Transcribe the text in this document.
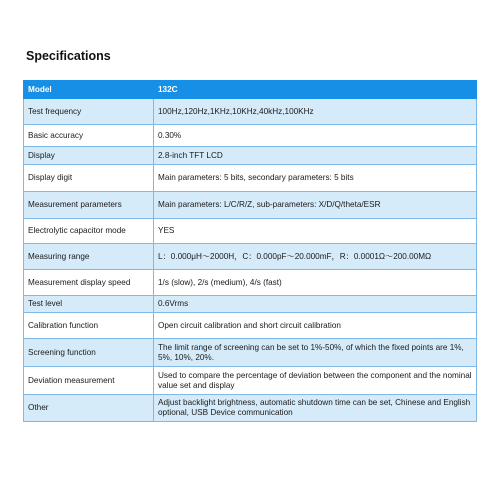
Specifications
Model	132C
Test frequency	100Hz,120Hz,1KHz,10KHz,40kHz,100KHz
Basic accuracy	0.30%
Display	2.8-inch TFT LCD
Display digit	Main parameters: 5 bits, secondary parameters: 5 bits
Measurement parameters	Main parameters: L/C/R/Z, sub-parameters: X/D/Q/theta/ESR
Electrolytic capacitor mode	YES
Measuring range	L：0.000μH～2000H，C：0.000pF～20.000mF，R：0.0001Ω～200.00MΩ
Measurement display speed	1/s (slow), 2/s (medium), 4/s (fast)
Test level	0.6Vrms
Calibration function	Open circuit calibration and short circuit calibration
Screening function	The limit range of screening can be set to 1%-50%, of which the fixed points are 1%, 5%, 10%, 20%.
Deviation measurement	Used to compare the percentage of deviation between the component and the nominal value set and display
Other	Adjust backlight brightness, automatic shutdown time can be set, Chinese and English optional, USB Device communication
